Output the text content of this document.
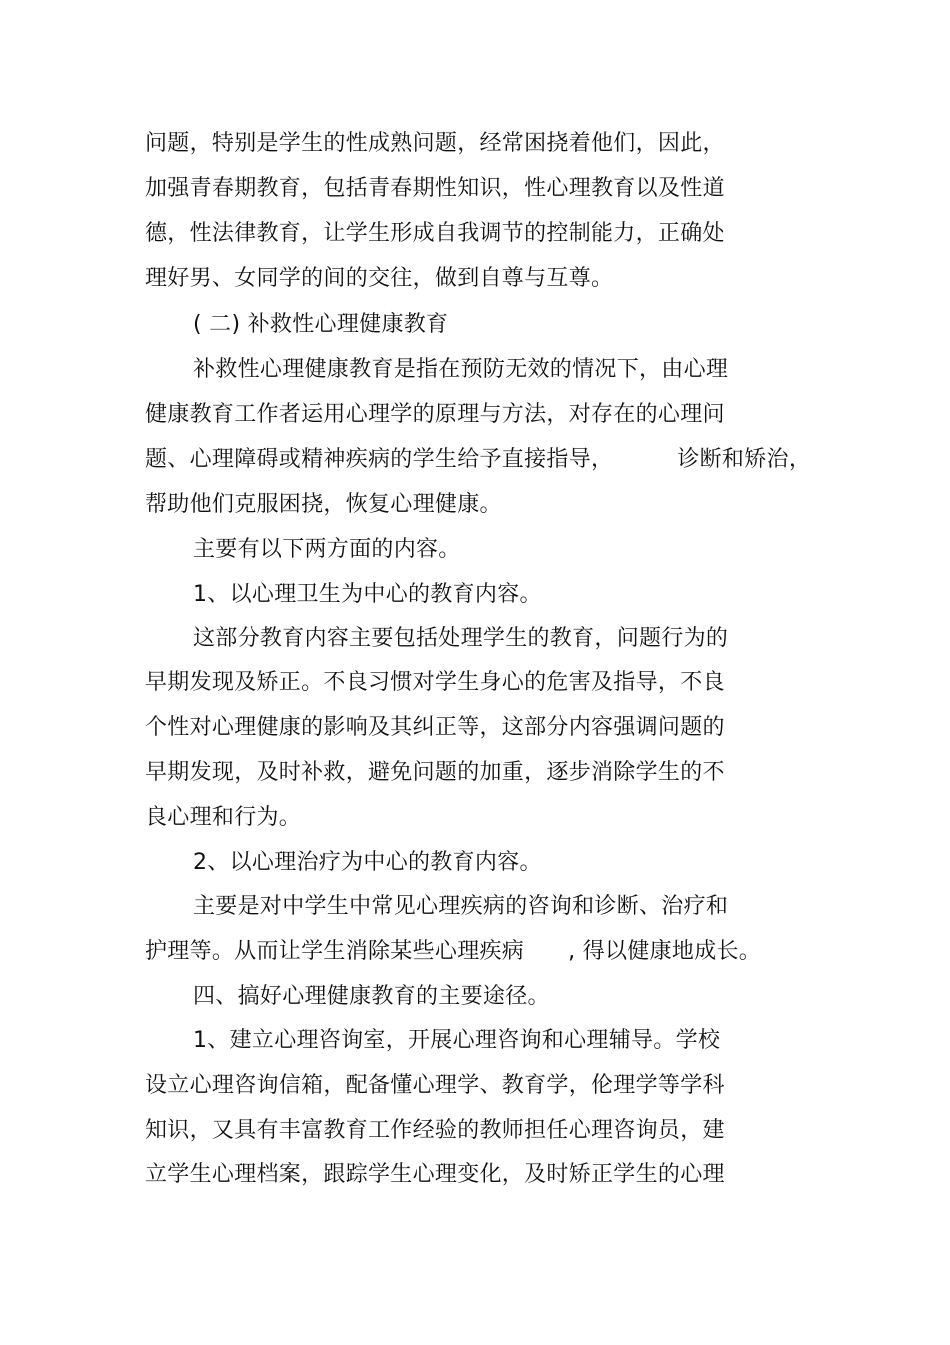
问题，特别是学生的性成熟问题，经常困挠着他们，因此，
加强青春期教育，包括青春期性知识，性心理教育以及性道
德，性法律教育，让学生形成自我调节的控制能力，正确处
理好男、女同学的间的交往，做到自尊与互尊。
( 二) 补救性心理健康教育
补救性心理健康教育是指在预防无效的情况下，由心理
健康教育工作者运用心理学的原理与方法，对存在的心理问
题、心理障碍或精神疾病的学生给予直接指导，	诊断和矫治，
帮助他们克服困挠，恢复心理健康。
主要有以下两方面的内容。
1、以心理卫生为中心的教育内容。
这部分教育内容主要包括处理学生的教育，问题行为的
早期发现及矫正。不良习惯对学生身心的危害及指导，不良
个性对心理健康的影响及其纠正等，这部分内容强调问题的
早期发现，及时补救，避免问题的加重，逐步消除学生的不
良心理和行为。
2、以心理治疗为中心的教育内容。
主要是对中学生中常见心理疾病的咨询和诊断、治疗和
护理等。从而让学生消除某些心理疾病 , 得以健康地成长。
四、搞好心理健康教育的主要途径。
1、建立心理咨询室，开展心理咨询和心理辅导。学校
设立心理咨询信箱，配备懂心理学、教育学，伦理学等学科
知识，又具有丰富教育工作经验的教师担任心理咨询员，建
立学生心理档案，跟踪学生心理变化，及时矫正学生的心理
